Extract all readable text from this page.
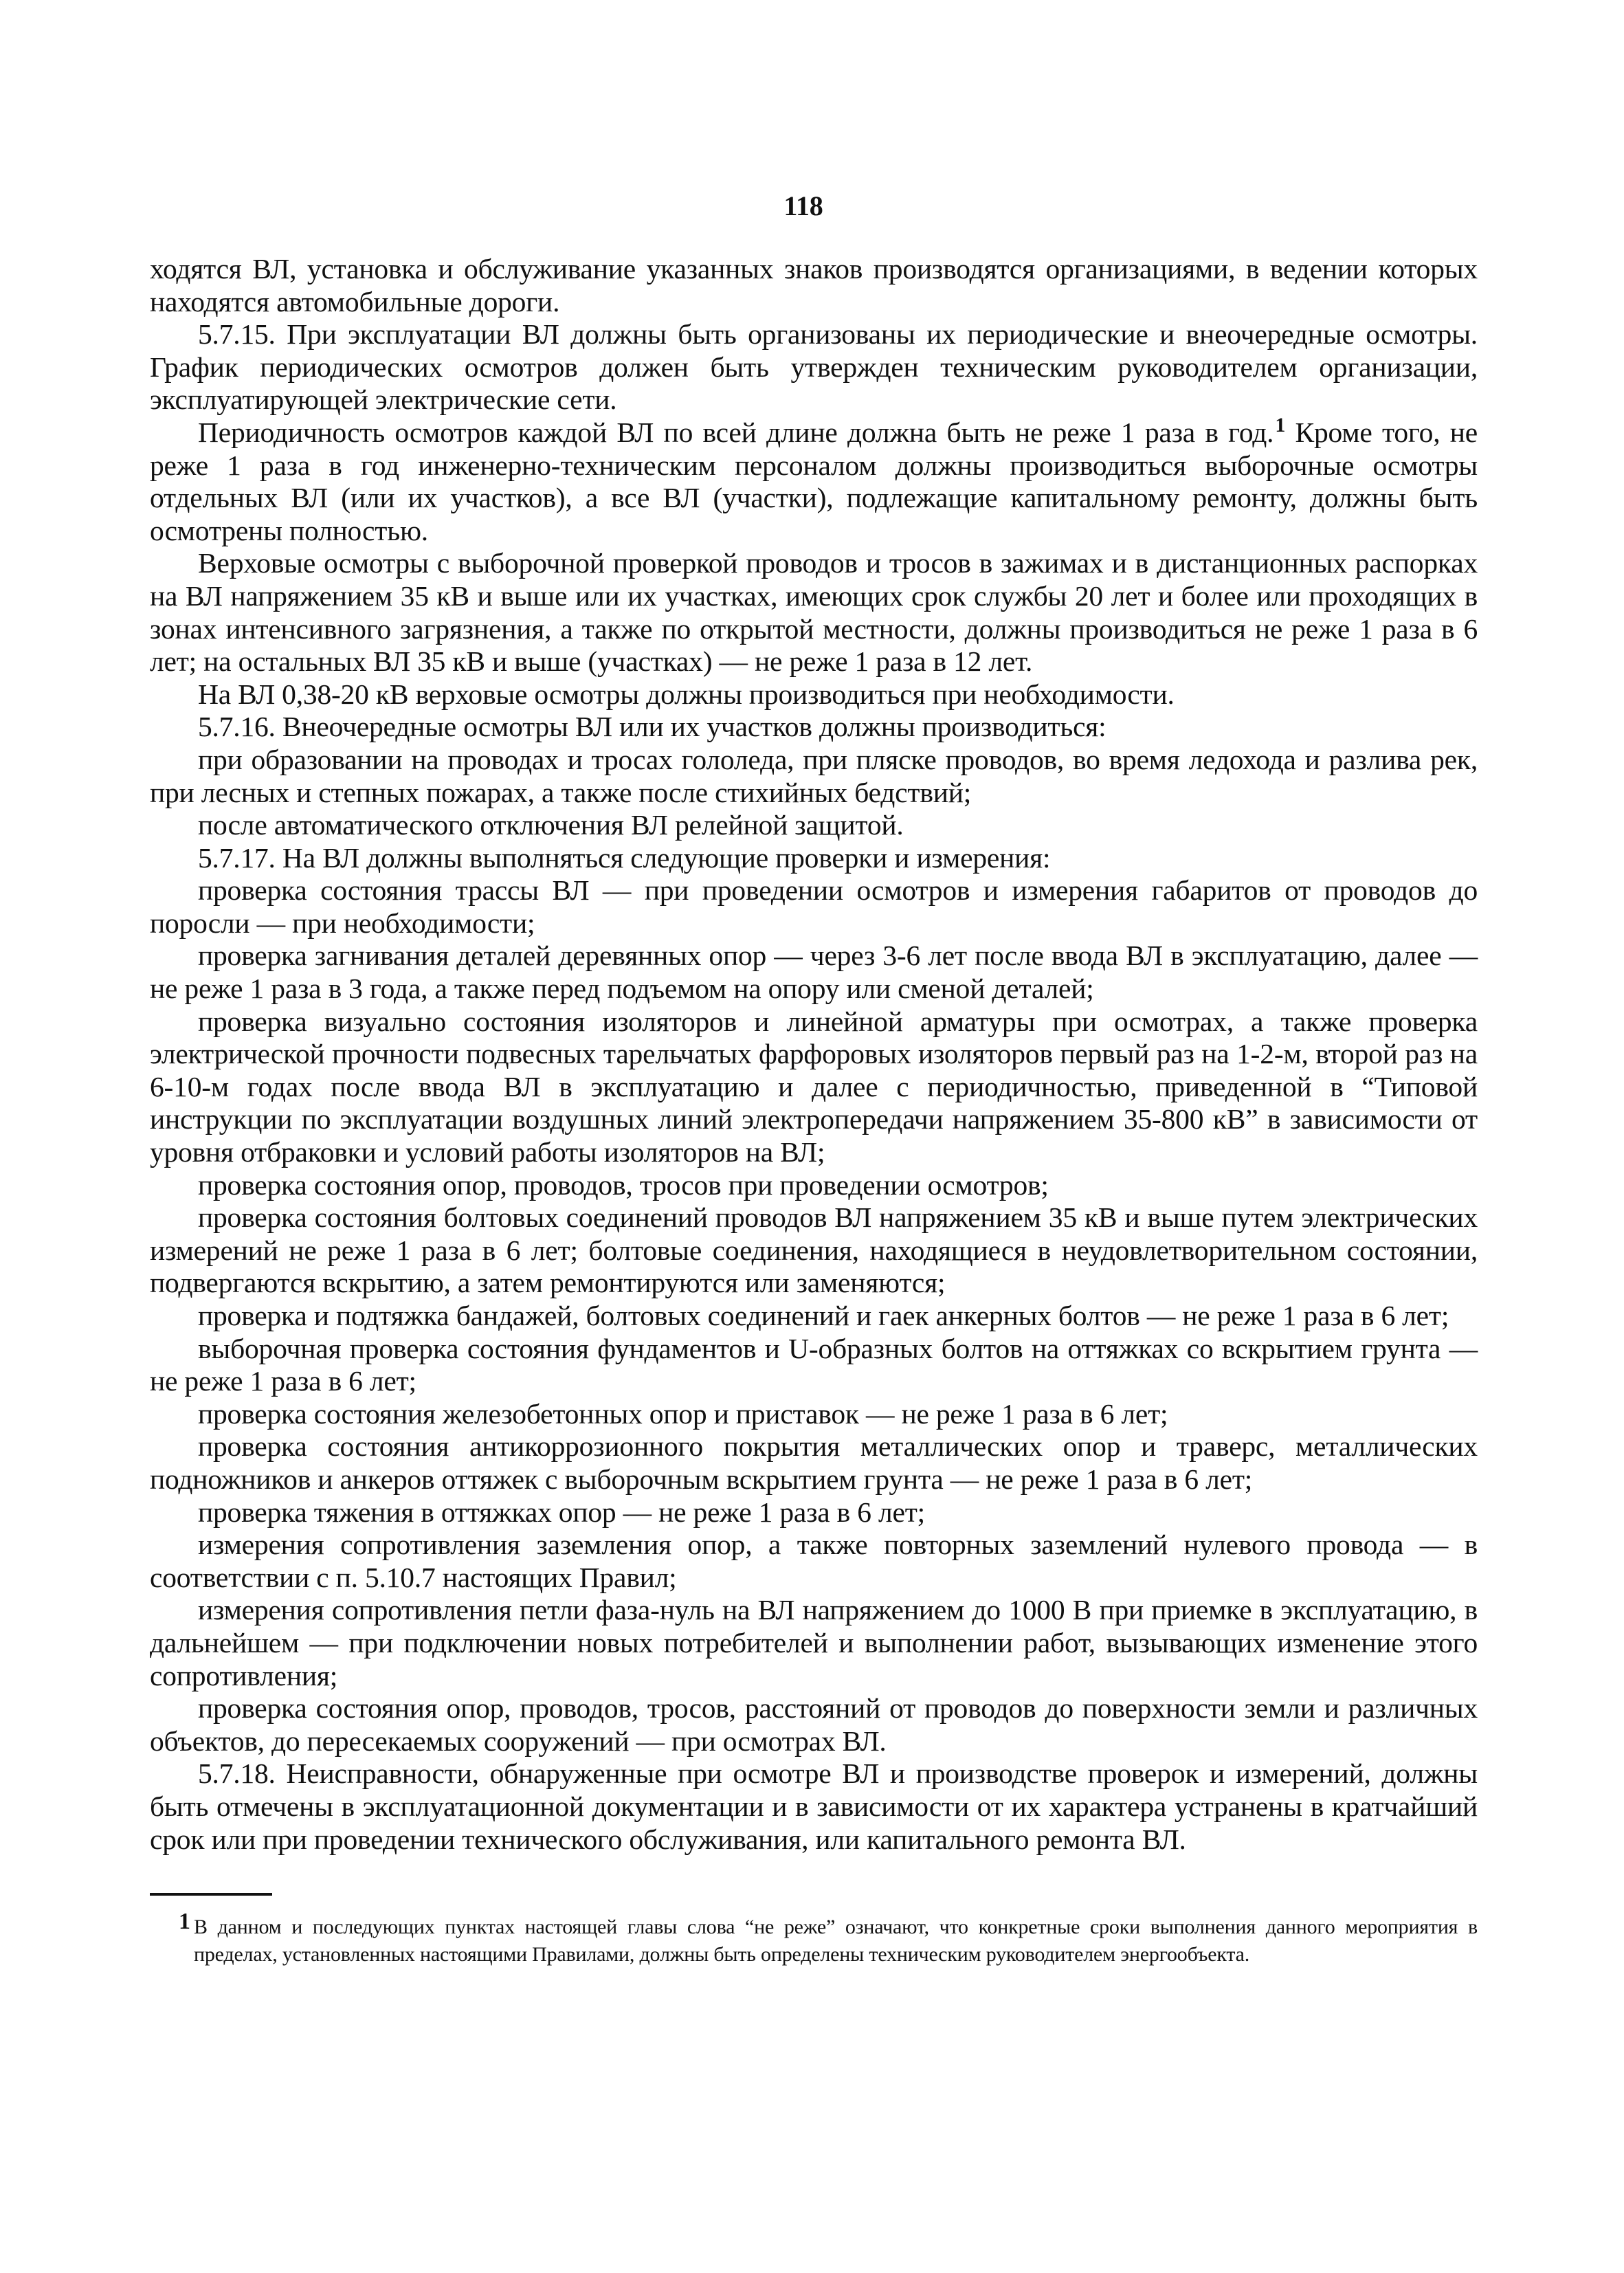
118

ходятся ВЛ, установка и обслуживание указанных знаков производятся организациями, в ведении которых находятся автомобильные дороги.

5.7.15. При эксплуатации ВЛ должны быть организованы их периодические и внеочередные осмотры. График периодических осмотров должен быть утвержден техническим руководителем организации, эксплуатирующей электрические сети.

Периодичность осмотров каждой ВЛ по всей длине должна быть не реже 1 раза в год.$^1$ Кроме того, не реже 1 раза в год инженерно-техническим персоналом должны производиться выборочные осмотры отдельных ВЛ (или их участков), а все ВЛ (участки), подлежащие капитальному ремонту, должны быть осмотрены полностью.

Верховые осмотры с выборочной проверкой проводов и тросов в зажимах и в дистанционных распорках на ВЛ напряжением 35 кВ и выше или их участках, имеющих срок службы 20 лет и более или проходящих в зонах интенсивного загрязнения, а также по открытой местности, должны производиться не реже 1 раза в 6 лет; на остальных ВЛ 35 кВ и выше (участках) — не реже 1 раза в 12 лет.

На ВЛ 0,38-20 кВ верховые осмотры должны производиться при необходимости.

5.7.16. Внеочередные осмотры ВЛ или их участков должны производиться:

при образовании на проводах и тросах гололеда, при пляске проводов, во время ледохода и разлива рек, при лесных и степных пожарах, а также после стихийных бедствий;

после автоматического отключения ВЛ релейной защитой.

5.7.17. На ВЛ должны выполняться следующие проверки и измерения:

проверка состояния трассы ВЛ — при проведении осмотров и измерения габаритов от проводов до поросли — при необходимости;

проверка загнивания деталей деревянных опор — через 3-6 лет после ввода ВЛ в эксплуатацию, далее — не реже 1 раза в 3 года, а также перед подъемом на опору или сменой деталей;

проверка визуально состояния изоляторов и линейной арматуры при осмотрах, а также проверка электрической прочности подвесных тарельчатых фарфоровых изоляторов первый раз на 1-2-м, второй раз на 6-10-м годах после ввода ВЛ в эксплуатацию и далее с периодичностью, приведенной в “Типовой инструкции по эксплуатации воздушных линий электропередачи напряжением 35-800 кВ” в зависимости от уровня отбраковки и условий работы изоляторов на ВЛ;

проверка состояния опор, проводов, тросов при проведении осмотров;

проверка состояния болтовых соединений проводов ВЛ напряжением 35 кВ и выше путем электрических измерений не реже 1 раза в 6 лет; болтовые соединения, находящиеся в неудовлетворительном состоянии, подвергаются вскрытию, а затем ремонтируются или заменяются;

проверка и подтяжка бандажей, болтовых соединений и гаек анкерных болтов — не реже 1 раза в 6 лет;

выборочная проверка состояния фундаментов и U-образных болтов на оттяжках со вскрытием грунта — не реже 1 раза в 6 лет;

проверка состояния железобетонных опор и приставок — не реже 1 раза в 6 лет;

проверка состояния антикоррозионного покрытия металлических опор и траверс, металлических подножников и анкеров оттяжек с выборочным вскрытием грунта — не реже 1 раза в 6 лет;

проверка тяжения в оттяжках опор — не реже 1 раза в 6 лет;

измерения сопротивления заземления опор, а также повторных заземлений нулевого провода — в соответствии с п. 5.10.7 настоящих Правил;

измерения сопротивления петли фаза-нуль на ВЛ напряжением до 1000 В при приемке в эксплуатацию, в дальнейшем — при подключении новых потребителей и выполнении работ, вызывающих изменение этого сопротивления;

проверка состояния опор, проводов, тросов, расстояний от проводов до поверхности земли и различных объектов, до пересекаемых сооружений — при осмотрах ВЛ.

5.7.18. Неисправности, обнаруженные при осмотре ВЛ и производстве проверок и измерений, должны быть отмечены в эксплуатационной документации и в зависимости от их характера устранены в кратчайший срок или при проведении технического обслуживания, или капитального ремонта ВЛ.

1 В данном и последующих пунктах настоящей главы слова “не реже” означают, что конкретные сроки выполнения данного мероприятия в пределах, установленных настоящими Правилами, должны быть определены техническим руководителем энергообъекта.
